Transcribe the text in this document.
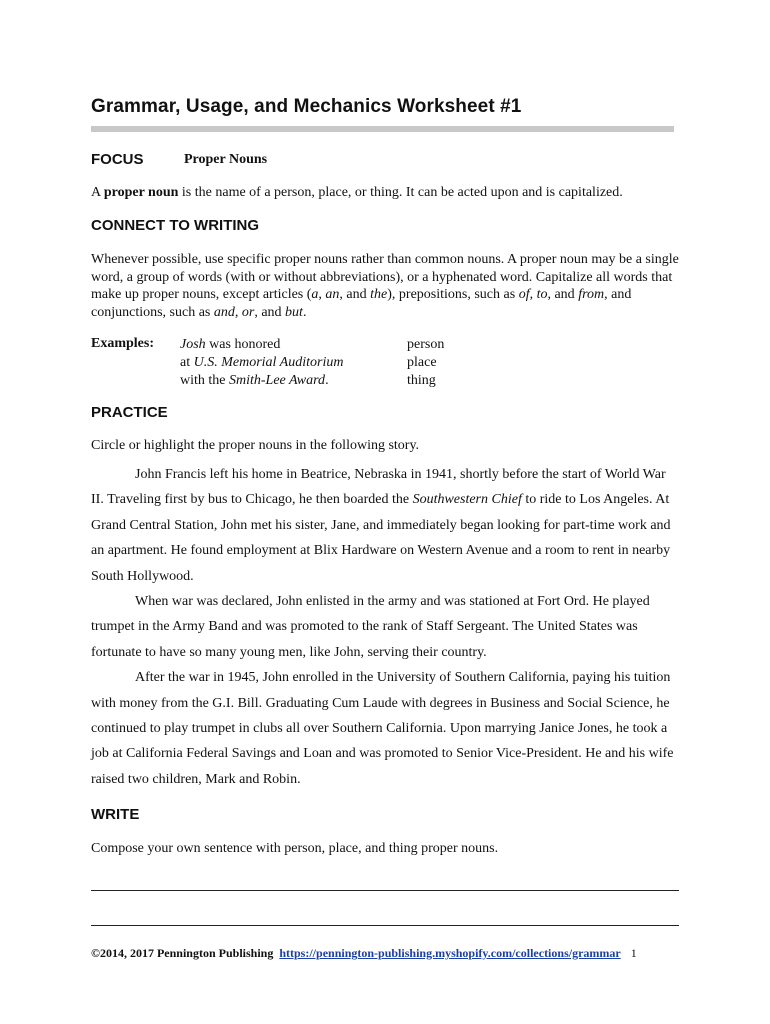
Grammar, Usage, and Mechanics Worksheet #1
FOCUS	Proper Nouns

A proper noun is the name of a person, place, or thing. It can be acted upon and is capitalized.

CONNECT TO WRITING

Whenever possible, use specific proper nouns rather than common nouns. A proper noun may be a single word, a group of words (with or without abbreviations), or a hyphenated word. Capitalize all words that make up proper nouns, except articles (a, an, and the), prepositions, such as of, to, and from, and conjunctions, such as and, or, and but.

Examples: Josh was honored
at U.S. Memorial Auditorium
with the Smith-Lee Award.
person
place
thing
PRACTICE

Circle or highlight the proper nouns in the following story.

John Francis left his home in Beatrice, Nebraska in 1941, shortly before the start of World War II. Traveling first by bus to Chicago, he then boarded the Southwestern Chief to ride to Los Angeles. At Grand Central Station, John met his sister, Jane, and immediately began looking for part-time work and an apartment. He found employment at Blix Hardware on Western Avenue and a room to rent in nearby South Hollywood.

When war was declared, John enlisted in the army and was stationed at Fort Ord. He played trumpet in the Army Band and was promoted to the rank of Staff Sergeant. The United States was fortunate to have so many young men, like John, serving their country.

After the war in 1945, John enrolled in the University of Southern California, paying his tuition with money from the G.I. Bill. Graduating Cum Laude with degrees in Business and Social Science, he continued to play trumpet in clubs all over Southern California. Upon marrying Janice Jones, he took a job at California Federal Savings and Loan and was promoted to Senior Vice-President. He and his wife raised two children, Mark and Robin.

WRITE

Compose your own sentence with person, place, and thing proper nouns.

©2014, 2017 Pennington Publishing https://pennington-publishing.myshopify.com/collections/grammar 1
